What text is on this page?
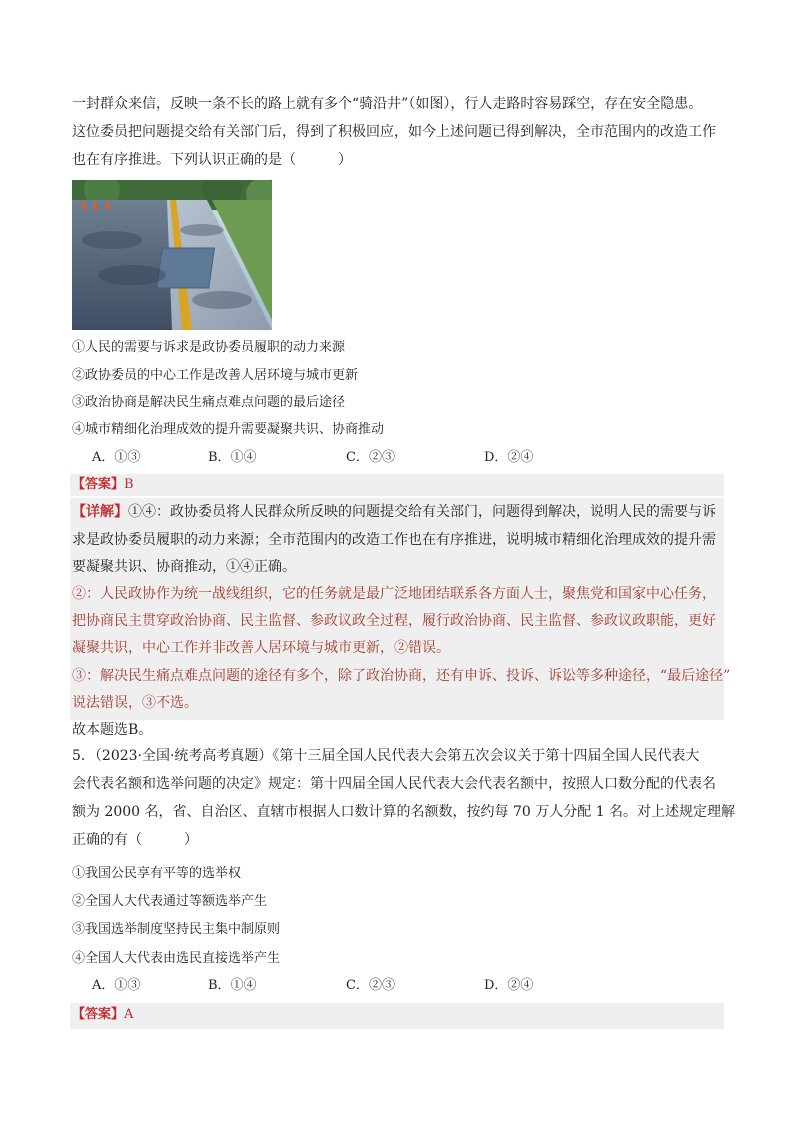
一封群众来信，反映一条不长的路上就有多个“骑沿井”（如图），行人走路时容易踩空，存在安全隐患。
这位委员把问题提交给有关部门后，得到了积极回应，如今上述问题已得到解决，全市范围内的改造工作
也在有序推进。下列认识正确的是（　　　）
①人民的需要与诉求是政协委员履职的动力来源
②政协委员的中心工作是改善人居环境与城市更新
③政治协商是解决民生痛点难点问题的最后途径
④城市精细化治理成效的提升需要凝聚共识、协商推动
A．①③	B．①④	C．②③	D．②④
【答案】B
【详解】①④：政协委员将人民群众所反映的问题提交给有关部门，问题得到解决，说明人民的需要与诉
求是政协委员履职的动力来源；全市范围内的改造工作也在有序推进，说明城市精细化治理成效的提升需
要凝聚共识、协商推动，①④正确。
②：人民政协作为统一战线组织，它的任务就是最广泛地团结联系各方面人士，聚焦党和国家中心任务，
把协商民主贯穿政治协商、民主监督、参政议政全过程，履行政治协商、民主监督、参政议政职能，更好
凝聚共识，中心工作并非改善人居环境与城市更新，②错误。
③：解决民生痛点难点问题的途径有多个，除了政治协商，还有申诉、投诉、诉讼等多种途径，“最后途径”
说法错误，③不选。
故本题选B。
5．（2023·全国·统考高考真题）《第十三届全国人民代表大会第五次会议关于第十四届全国人民代表大
会代表名额和选举问题的决定》规定：第十四届全国人民代表大会代表名额中，按照人口数分配的代表名
额为 2000 名，省、自治区、直辖市根据人口数计算的名额数，按约每 70 万人分配 1 名。对上述规定理解
正确的有（　　　）
①我国公民享有平等的选举权
②全国人大代表通过等额选举产生
③我国选举制度坚持民主集中制原则
④全国人大代表由选民直接选举产生
A．①③	B．①④	C．②③	D．②④
【答案】A
